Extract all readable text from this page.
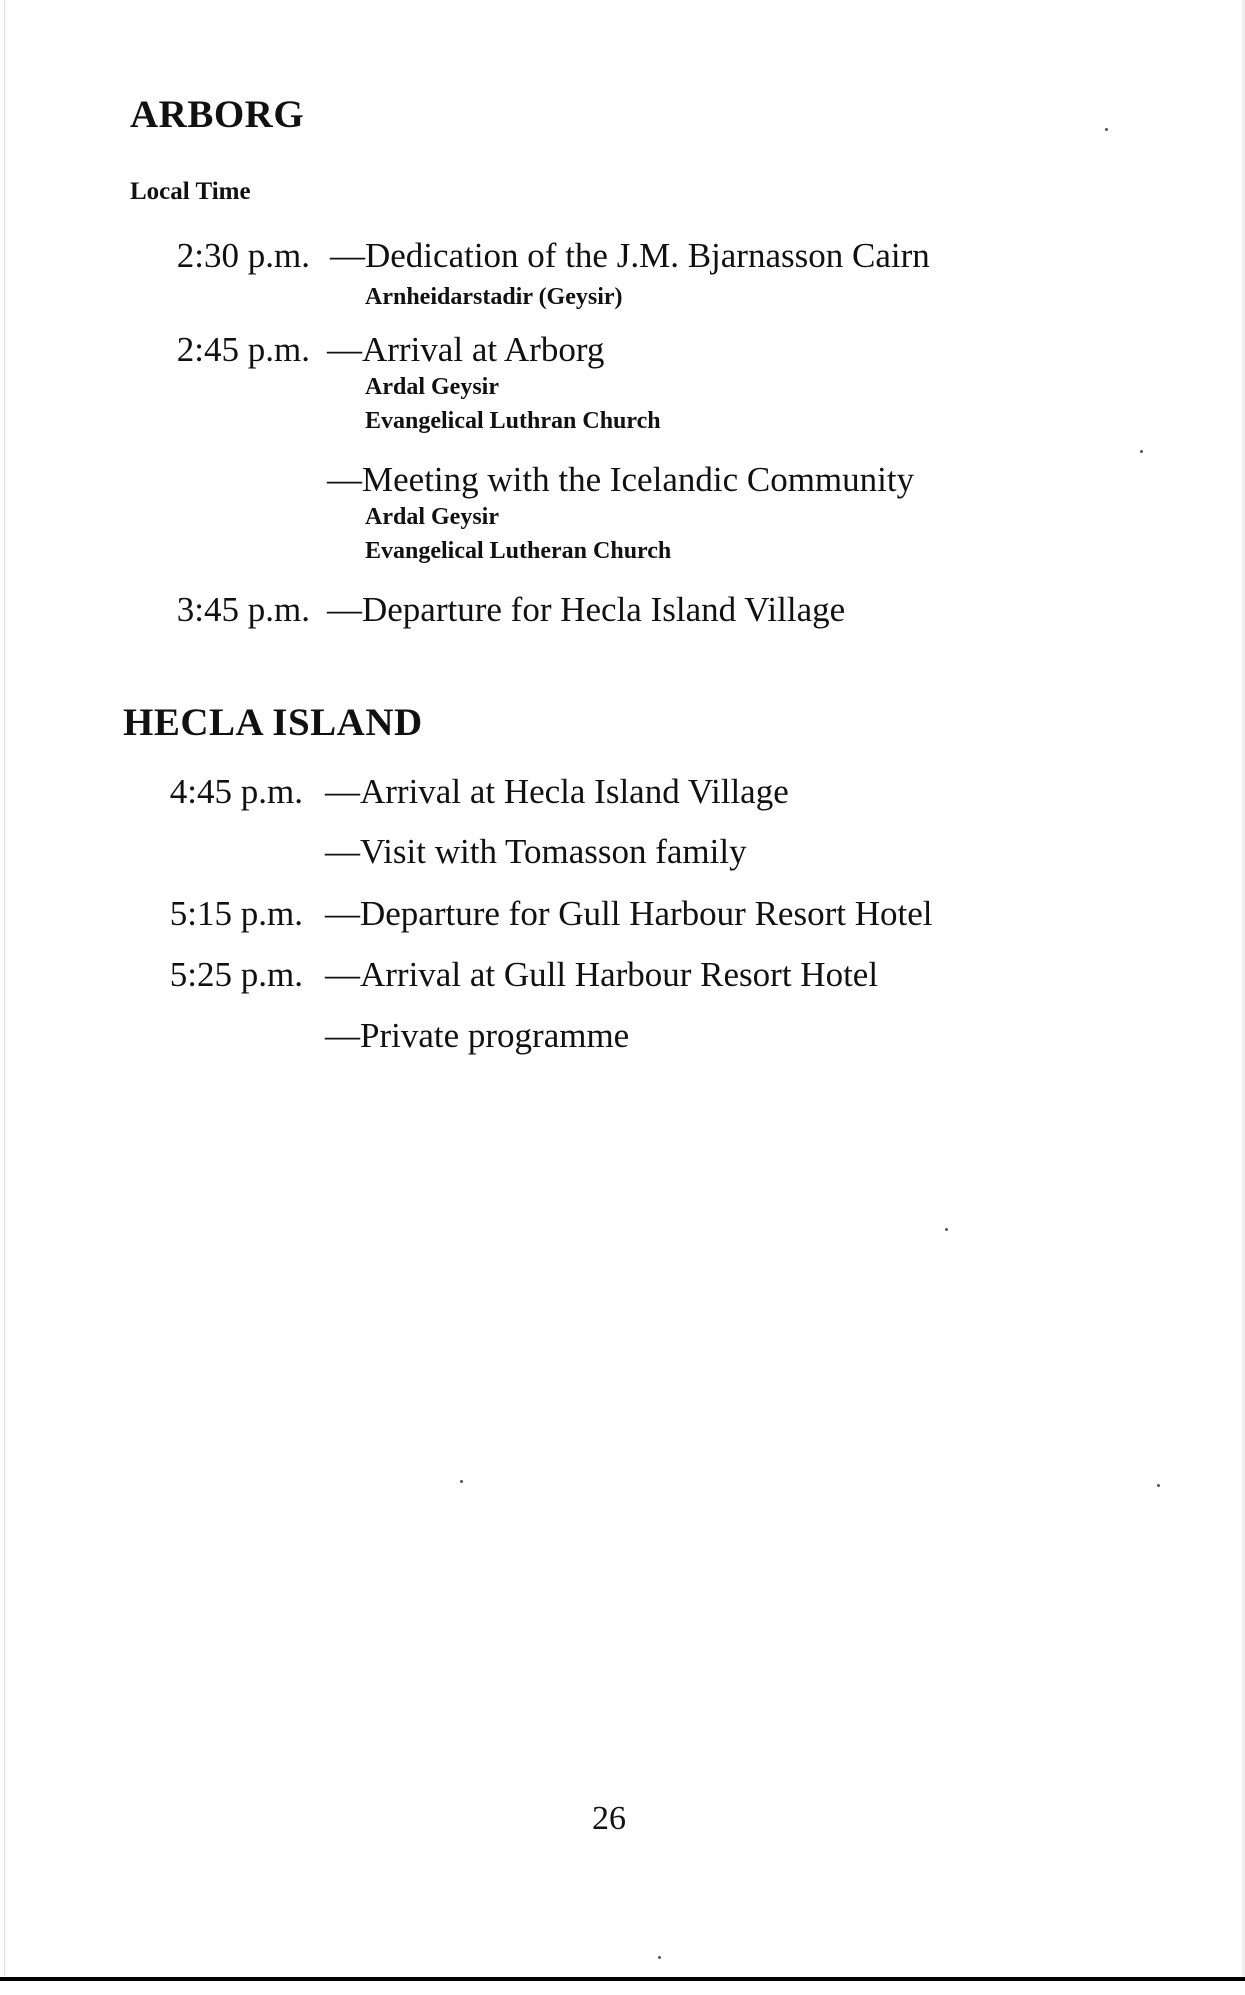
ARBORG
Local Time
2:30 p.m. —Dedication of the J.M. Bjarnasson Cairn
Arnheidarstadir (Geysir)
2:45 p.m. —Arrival at Arborg
Ardal Geysir
Evangelical Luthran Church
—Meeting with the Icelandic Community
Ardal Geysir
Evangelical Lutheran Church
3:45 p.m. —Departure for Hecla Island Village
HECLA ISLAND
4:45 p.m. —Arrival at Hecla Island Village
—Visit with Tomasson family
5:15 p.m. —Departure for Gull Harbour Resort Hotel
5:25 p.m. —Arrival at Gull Harbour Resort Hotel
—Private programme
26
